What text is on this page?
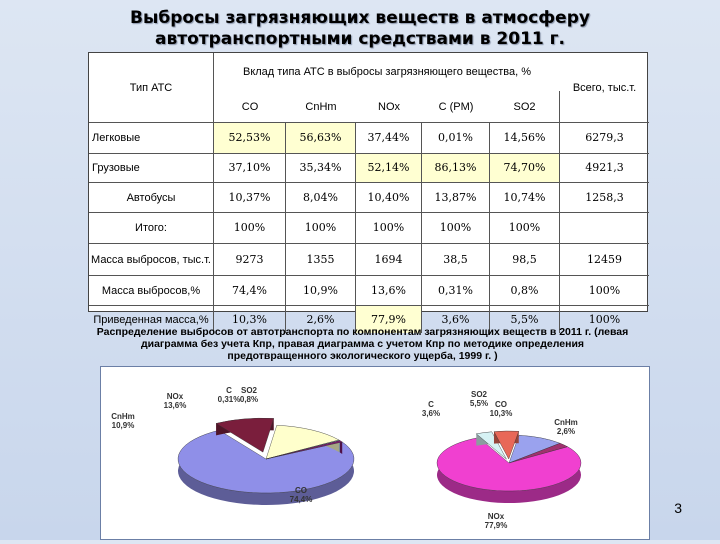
Выбросы загрязняющих веществ в атмосферу
автотранспортными средствами в 2011 г.
Тип АТС
Вклад типа АТС в выбросы загрязняющего вещества, %
Всего, тыс.т.
CO	CnHm	NOx	C (PM)	SO2
Легковые	52,53%	56,63%	37,44%	0,01%	14,56%	6279,3
Грузовые	37,10%	35,34%	52,14%	86,13%	74,70%	4921,3
Автобусы	10,37%	8,04%	10,40%	13,87%	10,74%	1258,3
Итого:	100%	100%	100%	100%	100%
Масса выбросов, тыс.т.	9273	1355	1694	38,5	98,5	12459
Масса выбросов,%	74,4%	10,9%	13,6%	0,31%	0,8%	100%
Приведенная масса,%	10,3%	2,6%	77,9%	3,6%	5,5%	100%
Распределение выбросов от автотранспорта по компонентам загрязняющих веществ в 2011 г. (левая диаграмма без учета Кпр, правая диаграмма с учетом Кпр по методике определения предотвращенного экологического ущерба, 1999 г. )
CO 74,4%
CnHm 10,9%
NOx 13,6%
C 0,31%
SO2 0,8%
CO 10,3%
CnHm 2,6%
NOx 77,9%
C 3,6%
SO2 5,5%
3
